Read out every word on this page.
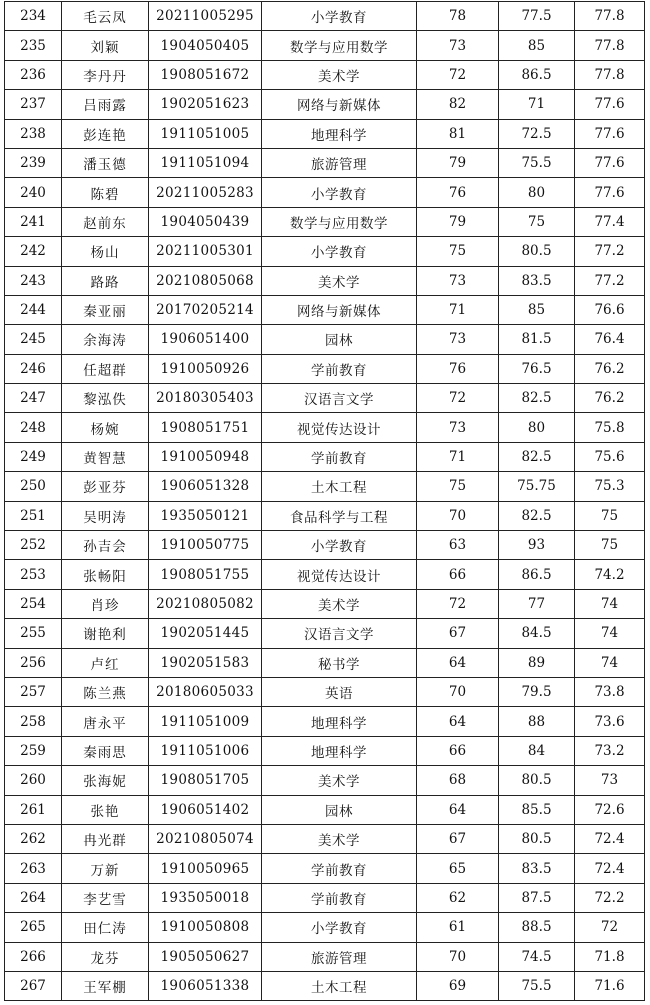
234	毛云凤	20211005295	小学教育	78	77.5	77.8
235	刘颖	1904050405	数学与应用数学	73	85	77.8
236	李丹丹	1908051672	美术学	72	86.5	77.8
237	吕雨露	1902051623	网络与新媒体	82	71	77.6
238	彭连艳	1911051005	地理科学	81	72.5	77.6
239	潘玉德	1911051094	旅游管理	79	75.5	77.6
240	陈碧	20211005283	小学教育	76	80	77.6
241	赵前东	1904050439	数学与应用数学	79	75	77.4
242	杨山	20211005301	小学教育	75	80.5	77.2
243	路路	20210805068	美术学	73	83.5	77.2
244	秦亚丽	20170205214	网络与新媒体	71	85	76.6
245	余海涛	1906051400	园林	73	81.5	76.4
246	任超群	1910050926	学前教育	76	76.5	76.2
247	黎泓佚	20180305403	汉语言文学	72	82.5	76.2
248	杨婉	1908051751	视觉传达设计	73	80	75.8
249	黄智慧	1910050948	学前教育	71	82.5	75.6
250	彭亚芬	1906051328	土木工程	75	75.75	75.3
251	吴明涛	1935050121	食品科学与工程	70	82.5	75
252	孙吉会	1910050775	小学教育	63	93	75
253	张畅阳	1908051755	视觉传达设计	66	86.5	74.2
254	肖珍	20210805082	美术学	72	77	74
255	谢艳利	1902051445	汉语言文学	67	84.5	74
256	卢红	1902051583	秘书学	64	89	74
257	陈兰燕	20180605033	英语	70	79.5	73.8
258	唐永平	1911051009	地理科学	64	88	73.6
259	秦雨思	1911051006	地理科学	66	84	73.2
260	张海妮	1908051705	美术学	68	80.5	73
261	张艳	1906051402	园林	64	85.5	72.6
262	冉光群	20210805074	美术学	67	80.5	72.4
263	万新	1910050965	学前教育	65	83.5	72.4
264	李艺雪	1935050018	学前教育	62	87.5	72.2
265	田仁涛	1910050808	小学教育	61	88.5	72
266	龙芬	1905050627	旅游管理	70	74.5	71.8
267	王军棚	1906051338	土木工程	69	75.5	71.6
